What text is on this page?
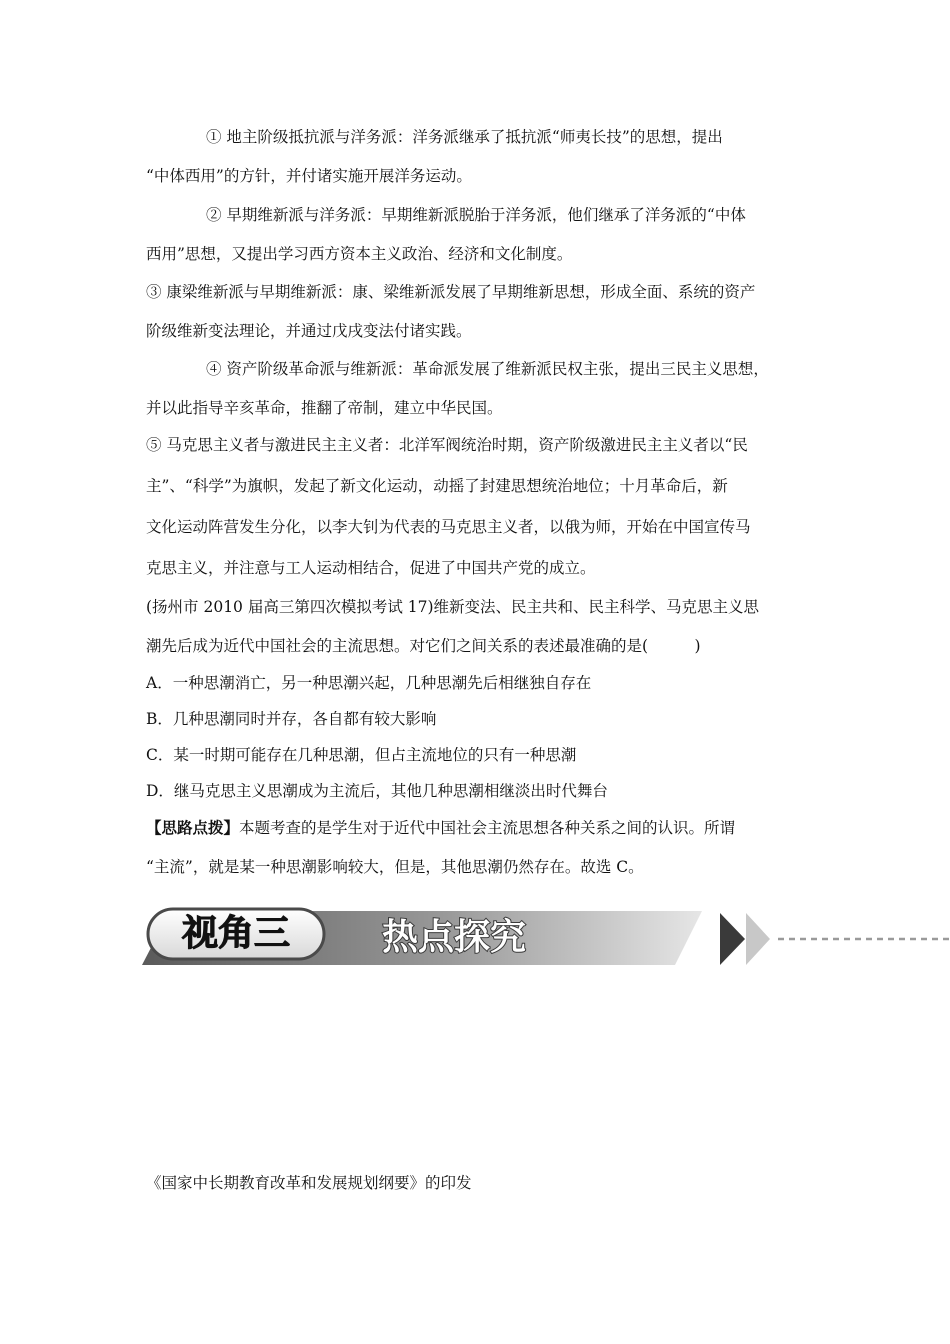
① 地主阶级抵抗派与洋务派：洋务派继承了抵抗派“师夷长技”的思想，提出
“中体西用”的方针，并付诸实施开展洋务运动。
② 早期维新派与洋务派：早期维新派脱胎于洋务派，他们继承了洋务派的“中体
西用”思想，又提出学习西方资本主义政治、经济和文化制度。
③ 康梁维新派与早期维新派：康、梁维新派发展了早期维新思想，形成全面、系统的资产
阶级维新变法理论，并通过戊戌变法付诸实践。
④ 资产阶级革命派与维新派：革命派发展了维新派民权主张，提出三民主义思想，
并以此指导辛亥革命，推翻了帝制，建立中华民国。
⑤ 马克思主义者与激进民主主义者：北洋军阀统治时期，资产阶级激进民主主义者以“民
主”、“科学”为旗帜，发起了新文化运动，动摇了封建思想统治地位；十月革命后，新
文化运动阵营发生分化，以李大钊为代表的马克思主义者，以俄为师，开始在中国宣传马
克思主义，并注意与工人运动相结合，促进了中国共产党的成立。
(扬州市 2010 届高三第四次模拟考试 17)维新变法、民主共和、民主科学、马克思主义思
潮先后成为近代中国社会的主流思想。对它们之间关系的表述最准确的是(　　　)
A．一种思潮消亡，另一种思潮兴起，几种思潮先后相继独自存在
B．几种思潮同时并存，各自都有较大影响
C．某一时期可能存在几种思潮，但占主流地位的只有一种思潮
D．继马克思主义思潮成为主流后，其他几种思潮相继淡出时代舞台
【思路点拨】本题考查的是学生对于近代中国社会主流思想各种关系之间的认识。所谓
“主流”，就是某一种思潮影响较大，但是，其他思潮仍然存在。故选 C。
视角三	热点探究
《国家中长期教育改革和发展规划纲要》的印发
